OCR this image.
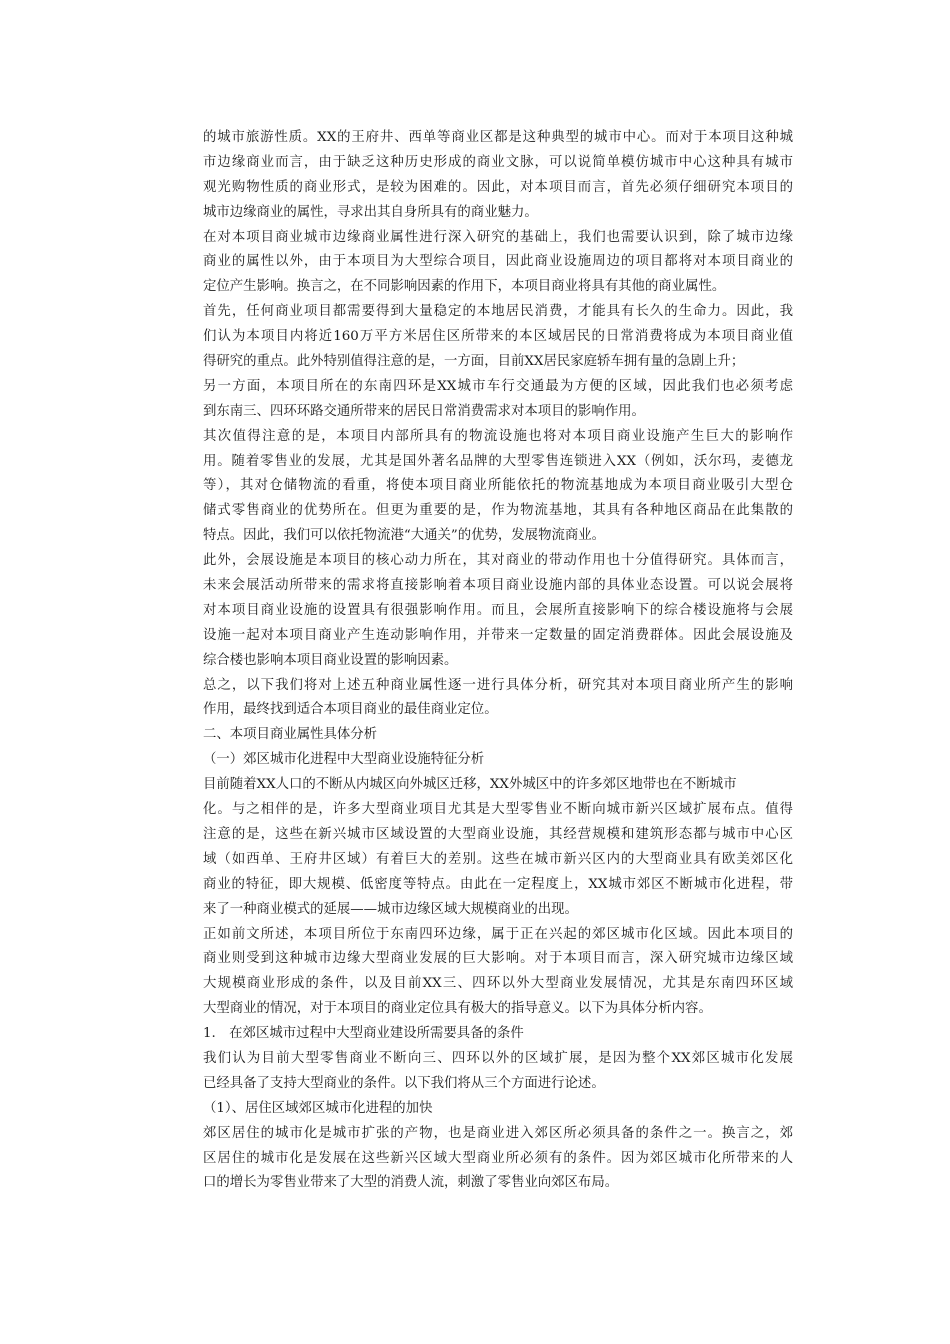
的城市旅游性质。XX的王府井、西单等商业区都是这种典型的城市中心。而对于本项目这种城
市边缘商业而言，由于缺乏这种历史形成的商业文脉，可以说简单模仿城市中心这种具有城市
观光购物性质的商业形式，是较为困难的。因此，对本项目而言，首先必须仔细研究本项目的
城市边缘商业的属性，寻求出其自身所具有的商业魅力。
在对本项目商业城市边缘商业属性进行深入研究的基础上，我们也需要认识到，除了城市边缘
商业的属性以外，由于本项目为大型综合项目，因此商业设施周边的项目都将对本项目商业的
定位产生影响。换言之，在不同影响因素的作用下，本项目商业将具有其他的商业属性。
首先，任何商业项目都需要得到大量稳定的本地居民消费，才能具有长久的生命力。因此，我
们认为本项目内将近160万平方米居住区所带来的本区域居民的日常消费将成为本项目商业值
得研究的重点。此外特别值得注意的是，一方面，目前XX居民家庭轿车拥有量的急剧上升；
另一方面，本项目所在的东南四环是XX城市车行交通最为方便的区域，因此我们也必须考虑
到东南三、四环环路交通所带来的居民日常消费需求对本项目的影响作用。
其次值得注意的是，本项目内部所具有的物流设施也将对本项目商业设施产生巨大的影响作
用。随着零售业的发展，尤其是国外著名品牌的大型零售连锁进入XX（例如，沃尔玛，麦德龙
等），其对仓储物流的看重，将使本项目商业所能依托的物流基地成为本项目商业吸引大型仓
储式零售商业的优势所在。但更为重要的是，作为物流基地，其具有各种地区商品在此集散的
特点。因此，我们可以依托物流港“大通关”的优势，发展物流商业。
此外，会展设施是本项目的核心动力所在，其对商业的带动作用也十分值得研究。具体而言，
未来会展活动所带来的需求将直接影响着本项目商业设施内部的具体业态设置。可以说会展将
对本项目商业设施的设置具有很强影响作用。而且，会展所直接影响下的综合楼设施将与会展
设施一起对本项目商业产生连动影响作用，并带来一定数量的固定消费群体。因此会展设施及
综合楼也影响本项目商业设置的影响因素。
总之，以下我们将对上述五种商业属性逐一进行具体分析，研究其对本项目商业所产生的影响
作用，最终找到适合本项目商业的最佳商业定位。
二、本项目商业属性具体分析
（一）郊区城市化进程中大型商业设施特征分析
目前随着XX人口的不断从内城区向外城区迁移，XX外城区中的许多郊区地带也在不断城市
化。与之相伴的是，许多大型商业项目尤其是大型零售业不断向城市新兴区域扩展布点。值得
注意的是，这些在新兴城市区域设置的大型商业设施，其经营规模和建筑形态都与城市中心区
域（如西单、王府井区域）有着巨大的差别。这些在城市新兴区内的大型商业具有欧美郊区化
商业的特征，即大规模、低密度等特点。由此在一定程度上，XX城市郊区不断城市化进程，带
来了一种商业模式的延展——城市边缘区域大规模商业的出现。
正如前文所述，本项目所位于东南四环边缘，属于正在兴起的郊区城市化区域。因此本项目的
商业则受到这种城市边缘大型商业发展的巨大影响。对于本项目而言，深入研究城市边缘区域
大规模商业形成的条件，以及目前XX三、四环以外大型商业发展情况，尤其是东南四环区域
大型商业的情况，对于本项目的商业定位具有极大的指导意义。以下为具体分析内容。
1.　在郊区城市过程中大型商业建设所需要具备的条件
我们认为目前大型零售商业不断向三、四环以外的区域扩展，是因为整个XX郊区城市化发展
已经具备了支持大型商业的条件。以下我们将从三个方面进行论述。
（1）、居住区域郊区城市化进程的加快
郊区居住的城市化是城市扩张的产物，也是商业进入郊区所必须具备的条件之一。换言之，郊
区居住的城市化是发展在这些新兴区域大型商业所必须有的条件。因为郊区城市化所带来的人
口的增长为零售业带来了大型的消费人流，刺激了零售业向郊区布局。
